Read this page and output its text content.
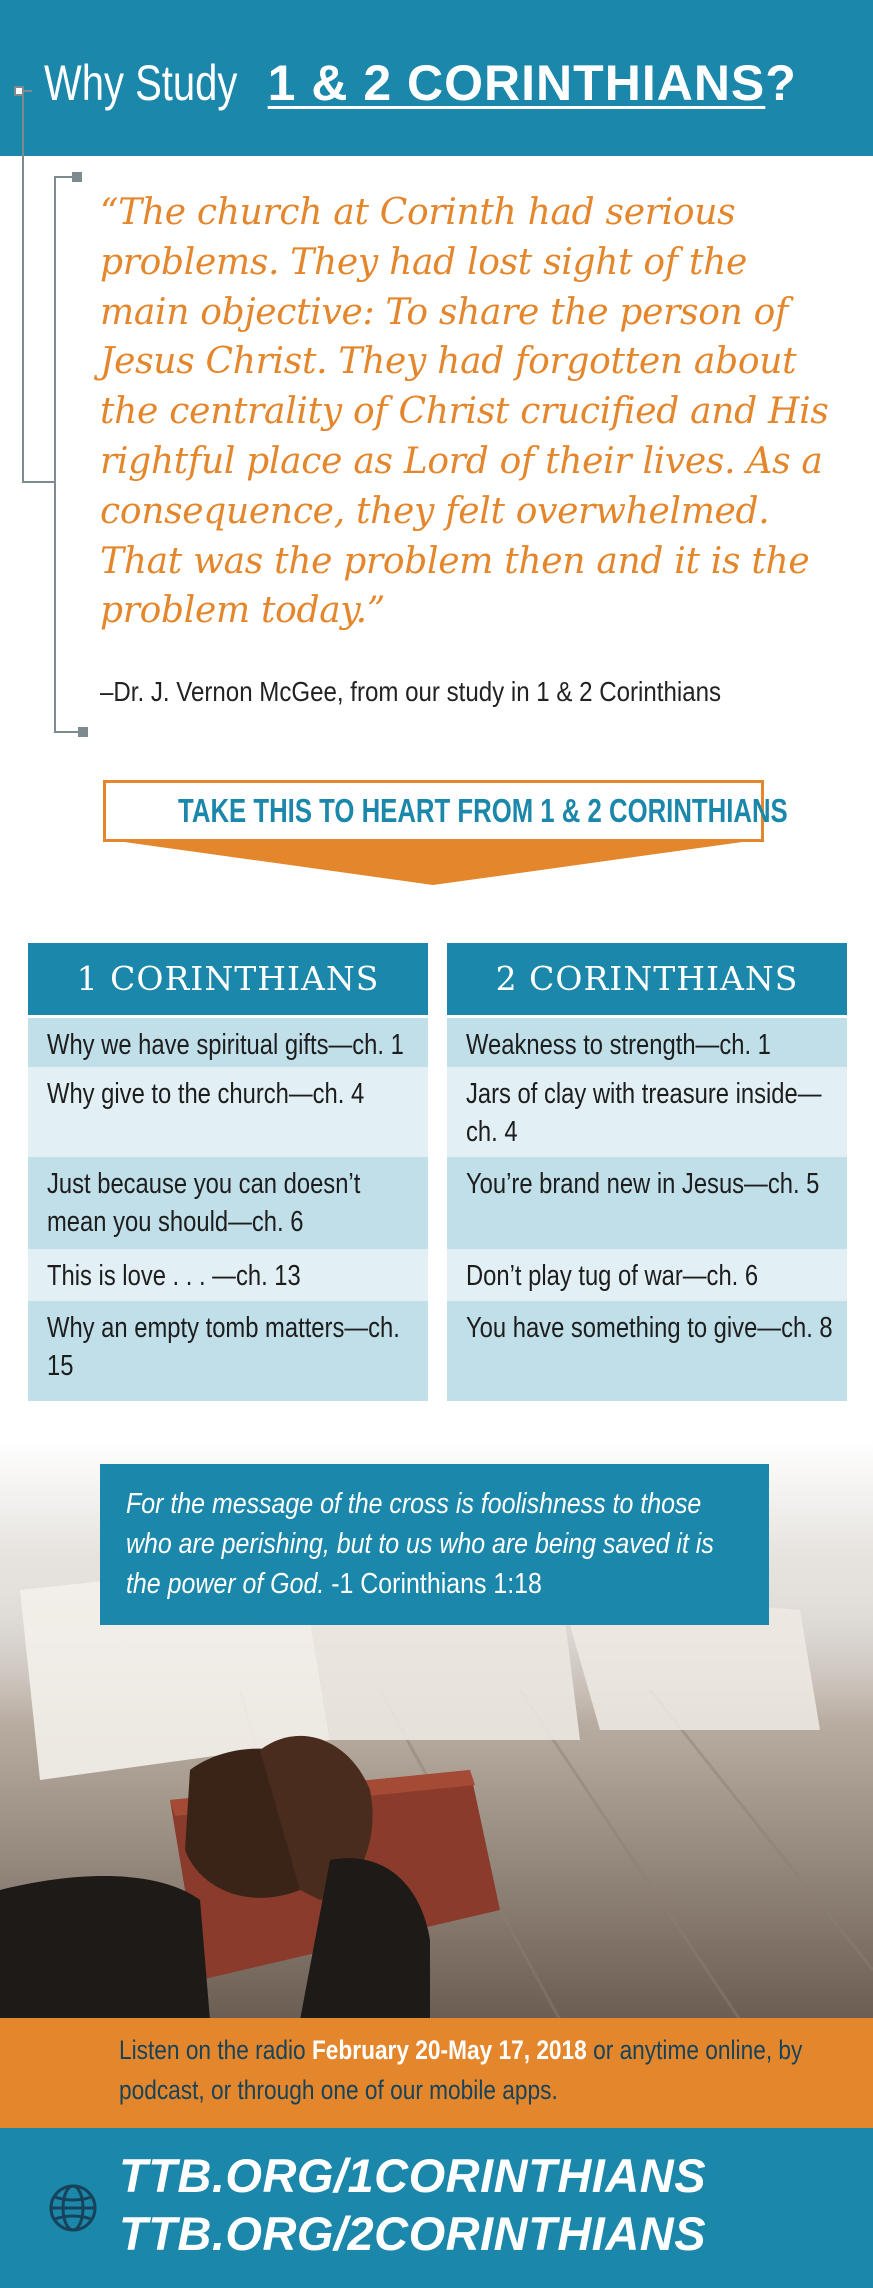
Why Study 1 & 2 CORINTHIANS?

“The church at Corinth had serious problems. They had lost sight of the main objective: To share the person of Jesus Christ. They had forgotten about the centrality of Christ crucified and His rightful place as Lord of their lives. As a consequence, they felt overwhelmed. That was the problem then and it is the problem today.”

–Dr. J. Vernon McGee, from our study in 1 & 2 Corinthians
TAKE THIS TO HEART FROM 1 & 2 CORINTHIANS
1 CORINTHIANS
Why we have spiritual gifts—ch. 1
Why give to the church—ch. 4
Just because you can doesn’t mean you should—ch. 6
This is love . . . —ch. 13
Why an empty tomb matters—ch. 15
2 CORINTHIANS
Weakness to strength—ch. 1
Jars of clay with treasure inside—ch. 4
You’re brand new in Jesus—ch. 5
Don’t play tug of war—ch. 6
You have something to give—ch. 8
For the message of the cross is foolishness to those who are perishing, but to us who are being saved it is the power of God. -1 Corinthians 1:18
Listen on the radio February 20-May 17, 2018 or anytime online, by podcast, or through one of our mobile apps.
TTB.ORG/1CORINTHIANS
TTB.ORG/2CORINTHIANS
